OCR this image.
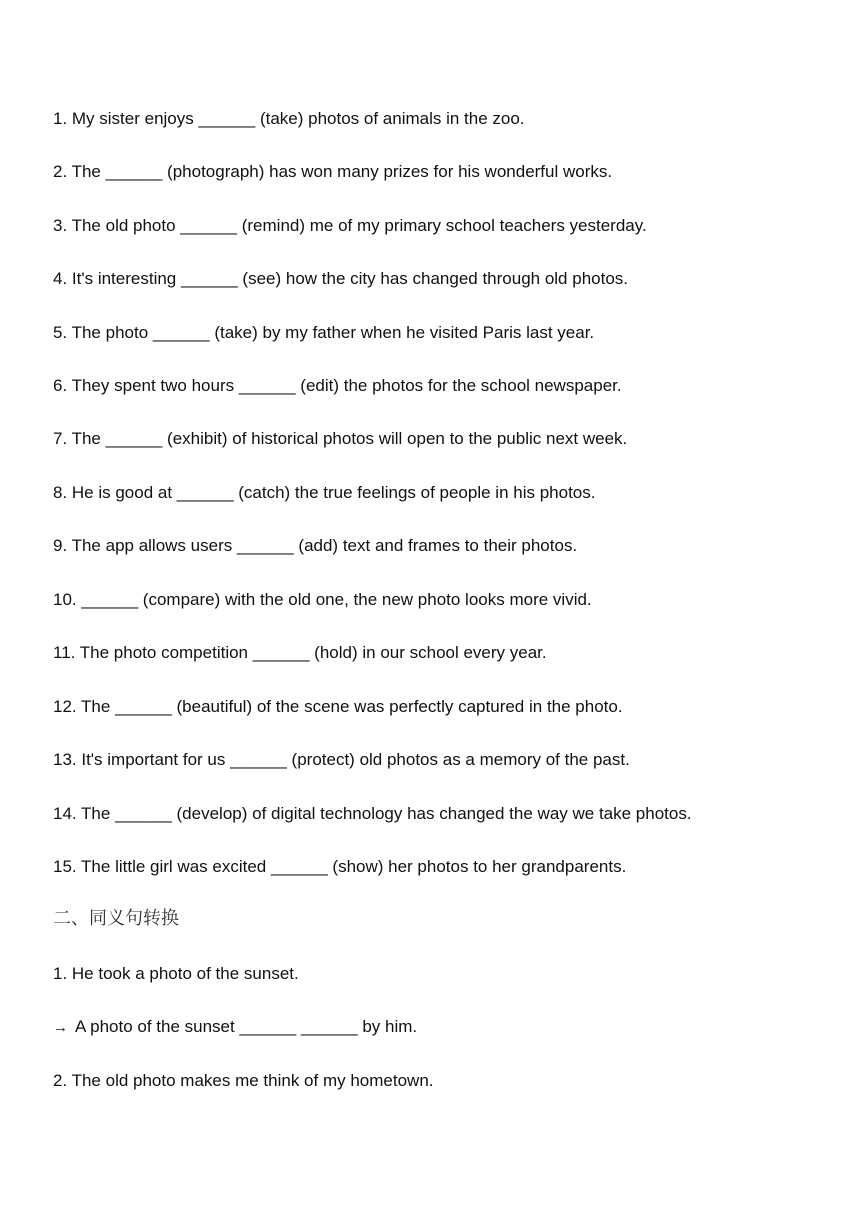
1. My sister enjoys ______ (take) photos of animals in the zoo.
2. The ______ (photograph) has won many prizes for his wonderful works.
3. The old photo ______ (remind) me of my primary school teachers yesterday.
4. It's interesting ______ (see) how the city has changed through old photos.
5. The photo ______ (take) by my father when he visited Paris last year.
6. They spent two hours ______ (edit) the photos for the school newspaper.
7. The ______ (exhibit) of historical photos will open to the public next week.
8. He is good at ______ (catch) the true feelings of people in his photos.
9. The app allows users ______ (add) text and frames to their photos.
10. ______ (compare) with the old one, the new photo looks more vivid.
11. The photo competition ______ (hold) in our school every year.
12. The ______ (beautiful) of the scene was perfectly captured in the photo.
13. It's important for us ______ (protect) old photos as a memory of the past.
14. The ______ (develop) of digital technology has changed the way we take photos.
15. The little girl was excited ______ (show) her photos to her grandparents.
二、同义句转换
1. He took a photo of the sunset.
→ A photo of the sunset ______ ______ by him.
2. The old photo makes me think of my hometown.
